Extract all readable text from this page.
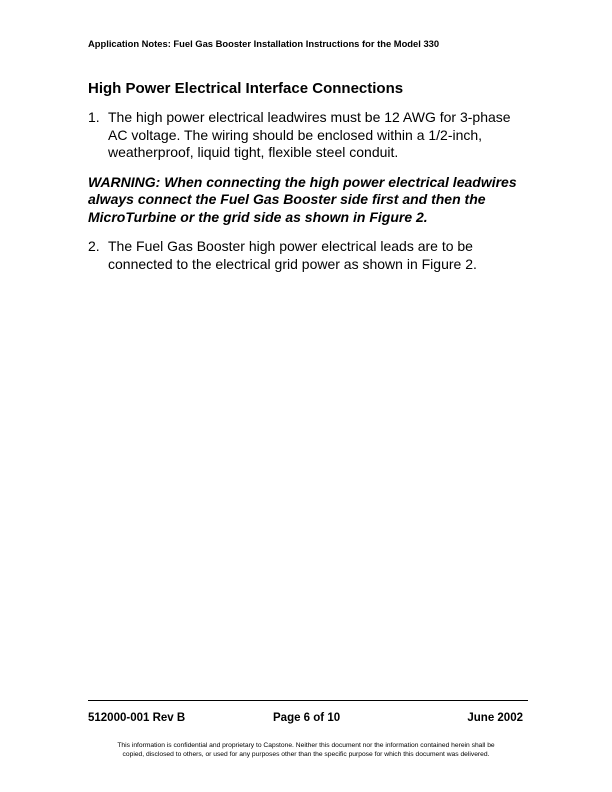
Application Notes: Fuel Gas Booster Installation Instructions for the Model 330
High Power Electrical Interface Connections
1. The high power electrical leadwires must be 12 AWG for 3-phase AC voltage. The wiring should be enclosed within a 1/2-inch, weatherproof, liquid tight, flexible steel conduit.
WARNING: When connecting the high power electrical leadwires always connect the Fuel Gas Booster side first and then the MicroTurbine or the grid side as shown in Figure 2.
2. The Fuel Gas Booster high power electrical leads are to be connected to the electrical grid power as shown in Figure 2.
512000-001 Rev B	Page 6 of 10	June 2002
This information is confidential and proprietary to Capstone. Neither this document nor the information contained herein shall be
copied, disclosed to others, or used for any purposes other than the specific purpose for which this document was delivered.
